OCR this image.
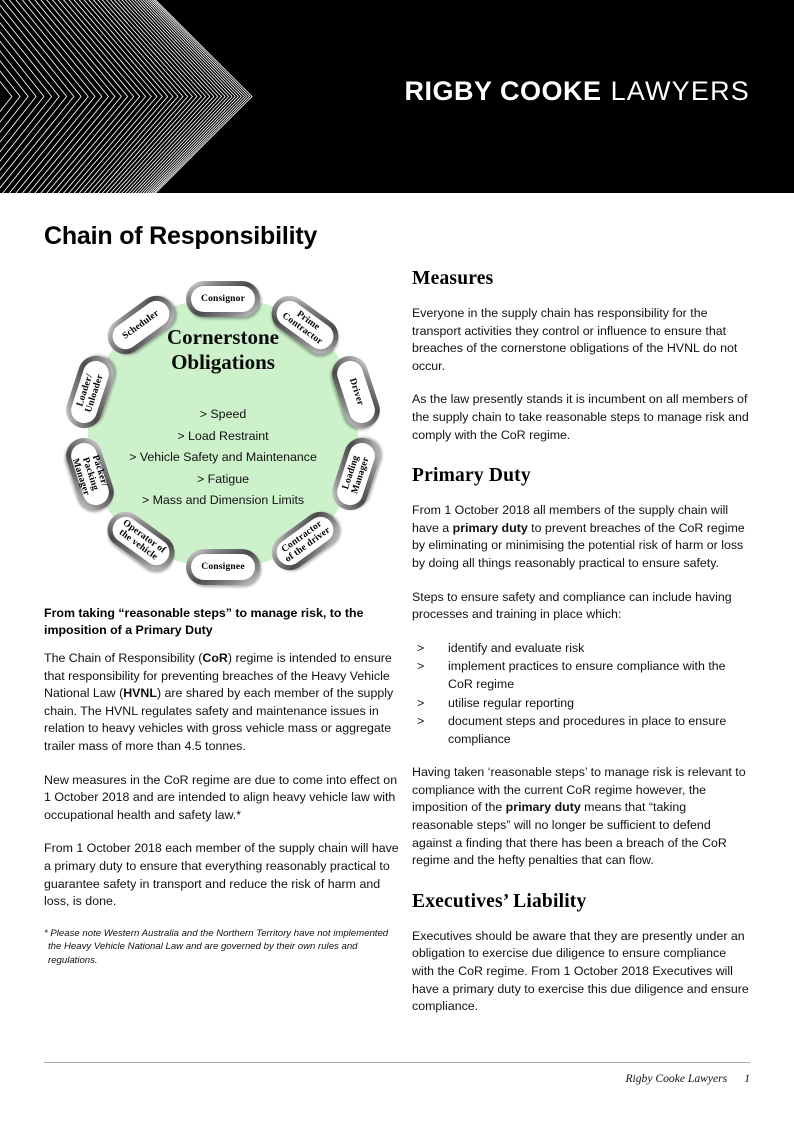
RIGBY COOKE LAWYERS
Chain of Responsibility
Cornerstone
Obligations
> Speed
> Load Restraint
> Vehicle Safety and Maintenance
> Fatigue
> Mass and Dimension Limits
Consignor
Prime
Contractor
Driver
Loading
Manager
Contractor
of the driver
Consignee
Operator of
the vehicle
Packer/
Packing
Manager
Loader/
Unloader
Scheduler
From taking “reasonable steps” to manage risk, to the imposition of a Primary Duty

The Chain of Responsibility (CoR) regime is intended to ensure that responsibility for preventing breaches of the Heavy Vehicle National Law (HVNL) are shared by each member of the supply chain. The HVNL regulates safety and maintenance issues in relation to heavy vehicles with gross vehicle mass or aggregate trailer mass of more than 4.5 tonnes.

New measures in the CoR regime are due to come into effect on 1 October 2018 and are intended to align heavy vehicle law with occupational health and safety law.*

From 1 October 2018 each member of the supply chain will have a primary duty to ensure that everything reasonably practical to guarantee safety in transport and reduce the risk of harm and loss, is done.

* Please note Western Australia and the Northern Territory have not implemented the Heavy Vehicle National Law and are governed by their own rules and regulations.
Measures

Everyone in the supply chain has responsibility for the transport activities they control or influence to ensure that breaches of the cornerstone obligations of the HVNL do not occur.

As the law presently stands it is incumbent on all members of the supply chain to take reasonable steps to manage risk and comply with the CoR regime.

Primary Duty

From 1 October 2018 all members of the supply chain will have a primary duty to prevent breaches of the CoR regime by eliminating or minimising the potential risk of harm or loss by doing all things reasonably practical to ensure safety.

Steps to ensure safety and compliance can include having processes and training in place which:

> identify and evaluate risk
> implement practices to ensure compliance with the CoR regime
> utilise regular reporting
> document steps and procedures in place to ensure compliance

Having taken ‘reasonable steps’ to manage risk is relevant to compliance with the current CoR regime however, the imposition of the primary duty means that “taking reasonable steps” will no longer be sufficient to defend against a finding that there has been a breach of the CoR regime and the hefty penalties that can flow.

Executives’ Liability

Executives should be aware that they are presently under an obligation to exercise due diligence to ensure compliance with the CoR regime. From 1 October 2018 Executives will have a primary duty to exercise this due diligence and ensure compliance.

Rigby Cooke Lawyers 1
